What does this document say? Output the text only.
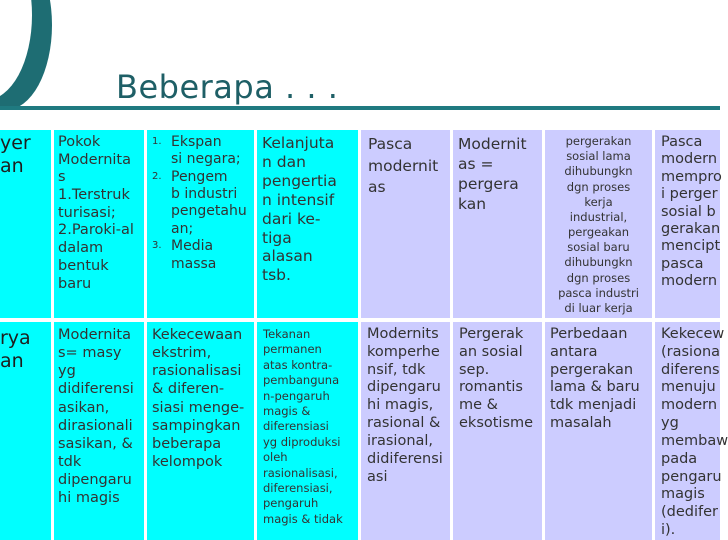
Beberapa . . .
yer
an
Pokok
Modernita
s
1.Terstruk
turisasi;
2.Paroki-al
dalam
bentuk
baru
1. Ekspan
si negara;
2. Pengem
b industri
pengetahu
an;
3. Media
massa
Kelanjuta
n dan
pengertia
n intensif
dari ke-
tiga
alasan
tsb.
Pasca
modernit
as
Modernit
as =
pergera
kan
pergerakan
sosial lama
dihubungkn
dgn proses
kerja
industrial,
pergeakan
sosial baru
dihubungkn
dgn proses
pasca industri
di luar kerja
Pasca
modern
mempro
i perger
sosial b
gerakan
mencipt
pasca
modern
rya
an
Modernita
s= masy
yg
didiferensi
asikan,
dirasionali
sasikan, &
tdk
dipengaru
hi magis
Kekecewaan
ekstrim,
rasionalisasi
& diferen-
siasi menge-
sampingkan
beberapa
kelompok
Tekanan
permanen
atas kontra-
pembanguna
n-pengaruh
magis &
diferensiasi
yg diproduksi
oleh
rasionalisasi,
diferensiasi,
pengaruh
magis & tidak
Modernits
komperhe
nsif, tdk
dipengaru
hi magis,
rasional &
irasional,
didiferensi
asi
Pergerak
an sosial
sep.
romantis
me &
eksotisme
Perbedaan
antara
pergerakan
lama & baru
tdk menjadi
masalah
Kekecew
(rasiona
diferens
menuju
modern
yg
membaw
pada
pengaru
magis
(dedifer
i).
